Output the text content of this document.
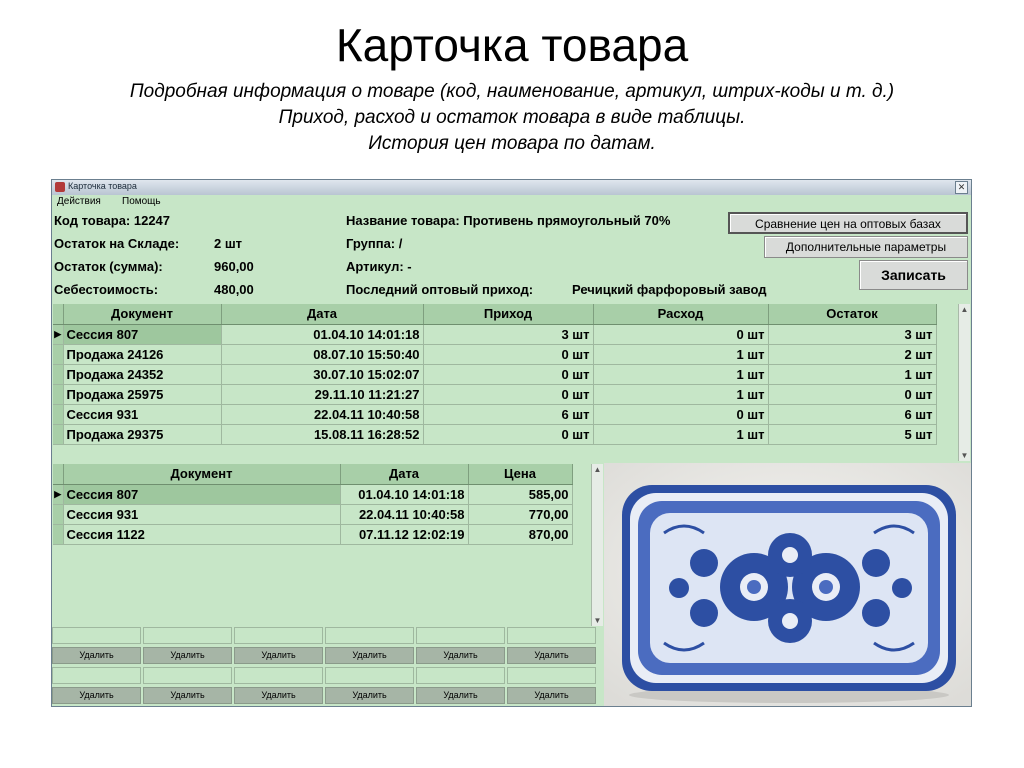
Карточка товара
Подробная информация о товаре (код, наименование, артикул, штрих-коды и т. д.)
Приход, расход и остаток товара в виде таблицы.
История цен товара по датам.
Карточка товара	✕
Действия Помощь
Код товара: 12247
Остаток на Складе:	2 шт
Остаток (сумма):	960,00
Себестоимость:	480,00
Название товара: Противень прямоугольный 70%
Группа: /
Артикул: -
Последний оптовый приход:	Речицкий фарфоровый завод
Сравнение цен на оптовых базах
Дополнительные параметры
Записать
	Документ	Дата	Приход	Расход	Остаток
▶	Сессия 807	01.04.10 14:01:18	3 шт	0 шт	3 шт
	Продажа 24126	08.07.10 15:50:40	0 шт	1 шт	2 шт
	Продажа 24352	30.07.10 15:02:07	0 шт	1 шт	1 шт
	Продажа 25975	29.11.10 11:21:27	0 шт	1 шт	0 шт
	Сессия 931	22.04.11 10:40:58	6 шт	0 шт	6 шт
	Продажа 29375	15.08.11 16:28:52	0 шт	1 шт	5 шт
▲
▼
	Документ	Дата	Цена
▶	Сессия 807	01.04.10 14:01:18	585,00
	Сессия 931	22.04.11 10:40:58	770,00
	Сессия 1122	07.11.12 12:02:19	870,00
▲
▼
Удалить	Удалить	Удалить	Удалить	Удалить	Удалить
Удалить	Удалить	Удалить	Удалить	Удалить	Удалить
